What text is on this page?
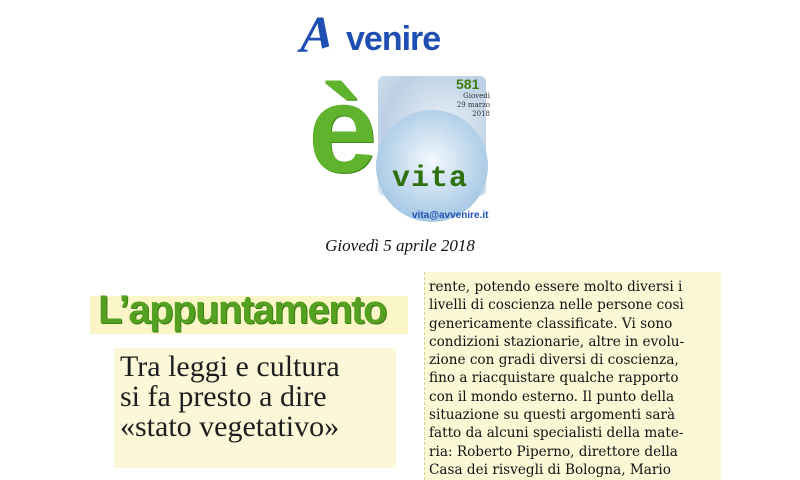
A venire
è vita
581
Giovedì
29 marzo
2018
vita@avvenire.it
Giovedì 5 aprile 2018
L’appuntamento
Tra leggi e cultura
si fa presto a dire
«stato vegetativo»
rente, potendo essere molto diversi i
livelli di coscienza nelle persone così
genericamente classificate. Vi sono
condizioni stazionarie, altre in evolu-
zione con gradi diversi di coscienza,
fino a riacquistare qualche rapporto
con il mondo esterno. Il punto della
situazione su questi argomenti sarà
fatto da alcuni specialisti della mate-
ria: Roberto Piperno, direttore della
Casa dei risvegli di Bologna, Mario
